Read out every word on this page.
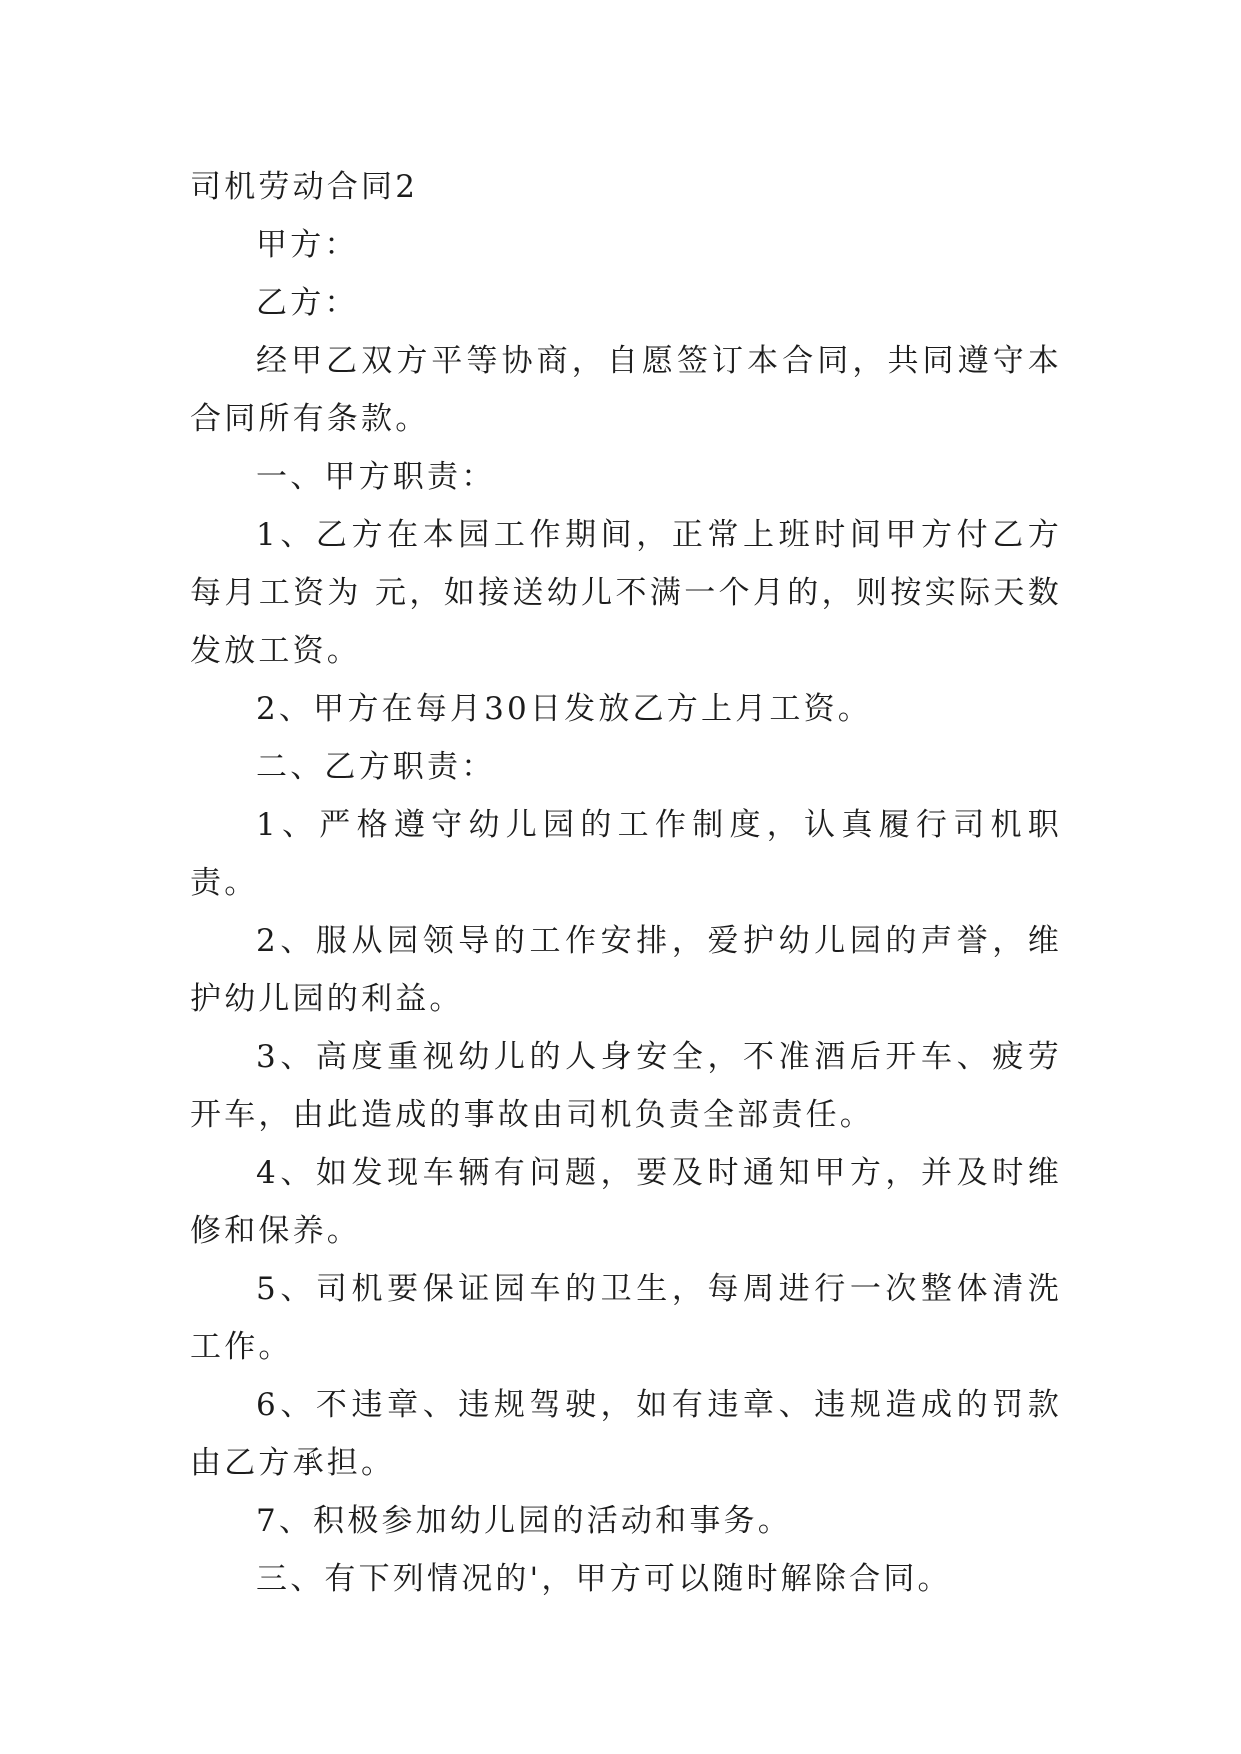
司机劳动合同2

甲方：

乙方：

经甲乙双方平等协商，自愿签订本合同，共同遵守本合同所有条款。

一、甲方职责：

1、乙方在本园工作期间，正常上班时间甲方付乙方每月工资为 元，如接送幼儿不满一个月的，则按实际天数发放工资。

2、甲方在每月30日发放乙方上月工资。

二、乙方职责：

1、严格遵守幼儿园的工作制度，认真履行司机职责。

2、服从园领导的工作安排，爱护幼儿园的声誉，维护幼儿园的利益。

3、高度重视幼儿的人身安全，不准酒后开车、疲劳开车，由此造成的事故由司机负责全部责任。

4、如发现车辆有问题，要及时通知甲方，并及时维修和保养。

5、司机要保证园车的卫生，每周进行一次整体清洗工作。

6、不违章、违规驾驶，如有违章、违规造成的罚款由乙方承担。

7、积极参加幼儿园的活动和事务。

三、有下列情况的'，甲方可以随时解除合同。
